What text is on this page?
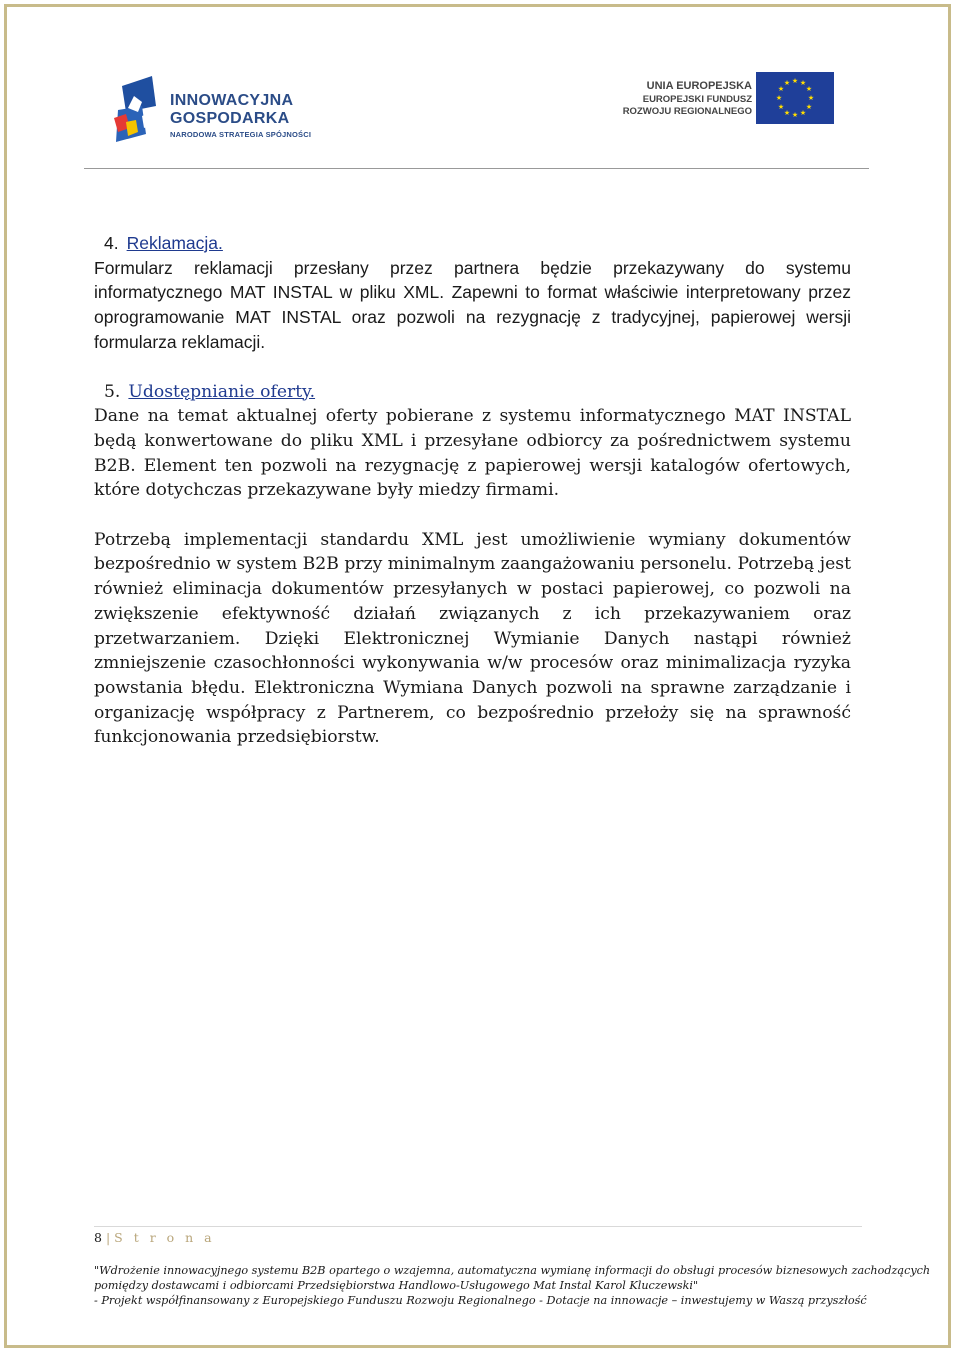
INNOWACYJNA
GOSPODARKA
NARODOWA STRATEGIA SPÓJNOŚCI
UNIA EUROPEJSKA
EUROPEJSKI FUNDUSZ
ROZWOJU REGIONALNEGO
★ ★
★
★
★
★
★
★
★
★
★
★
4. Reklamacja.

Formularz reklamacji przesłany przez partnera będzie przekazywany do systemu informatycznego MAT INSTAL w pliku XML. Zapewni to format właściwie interpretowany przez oprogramowanie MAT INSTAL oraz pozwoli na rezygnację z tradycyjnej, papierowej wersji formularza reklamacji.

5. Udostępnianie oferty.

Dane na temat aktualnej oferty pobierane z systemu informatycznego MAT INSTAL będą konwertowane do pliku XML i przesyłane odbiorcy za pośrednictwem systemu B2B. Element ten pozwoli na rezygnację z papierowej wersji katalogów ofertowych, które dotychczas przekazywane były miedzy firmami.

Potrzebą implementacji standardu XML jest umożliwienie wymiany dokumentów bezpośrednio w system B2B przy minimalnym zaangażowaniu personelu. Potrzebą jest również eliminacja dokumentów przesyłanych w postaci papierowej, co pozwoli na zwiększenie efektywność działań związanych z ich przekazywaniem oraz przetwarzaniem. Dzięki Elektronicznej Wymianie Danych nastąpi również zmniejszenie czasochłonności wykonywania w/w procesów oraz minimalizacja ryzyka powstania błędu. Elektroniczna Wymiana Danych pozwoli na sprawne zarządzanie i organizację współpracy z Partnerem, co bezpośrednio przełoży się na sprawność funkcjonowania przedsiębiorstw.

8 | S t r o n a
"Wdrożenie innowacyjnego systemu B2B opartego o wzajemna, automatyczna wymianę informacji do obsługi procesów biznesowych zachodzących
pomiędzy dostawcami i odbiorcami Przedsiębiorstwa Handlowo-Usługowego Mat Instal Karol Kluczewski"
- Projekt współfinansowany z Europejskiego Funduszu Rozwoju Regionalnego - Dotacje na innowacje – inwestujemy w Waszą przyszłość
